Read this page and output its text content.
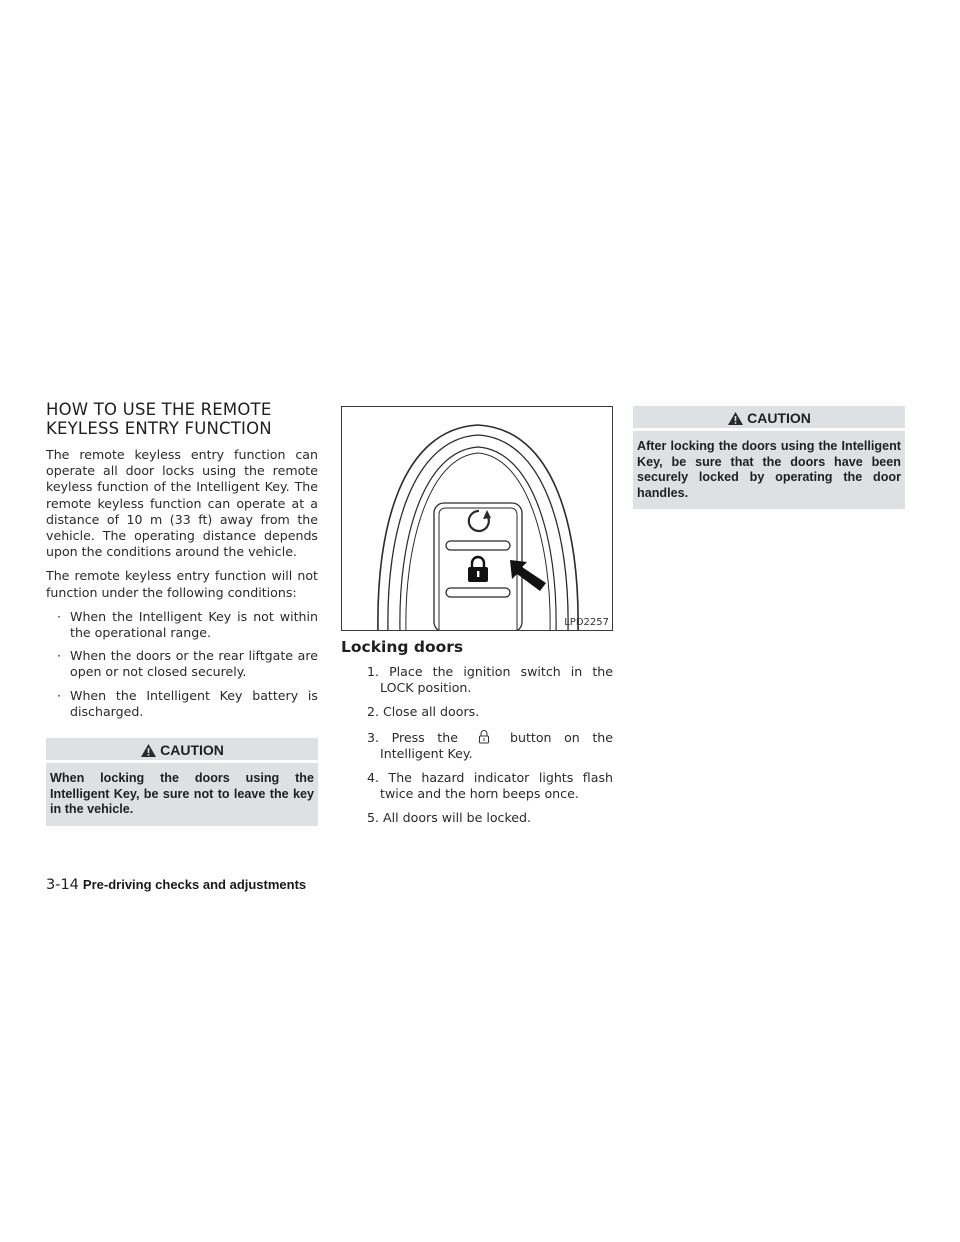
HOW TO USE THE REMOTE
KEYLESS ENTRY FUNCTION

The remote keyless entry function can operate all door locks using the remote keyless function of the Intelligent Key. The remote keyless function can operate at a distance of 10 m (33 ft) away from the vehicle. The operating distance depends upon the conditions around the vehicle.

The remote keyless entry function will not function under the following conditions:

· When the Intelligent Key is not within the operational range.
· When the doors or the rear liftgate are open or not closed securely.
· When the Intelligent Key battery is discharged.
CAUTION
When locking the doors using the Intelligent Key, be sure not to leave the key in the vehicle.
LPD2257
Locking doors
1. Place the ignition switch in the LOCK position.
2. Close all doors.
3. Press the	button on the Intelligent Key.
4. The hazard indicator lights flash twice and the horn beeps once.
5. All doors will be locked.
CAUTION
After locking the doors using the Intelligent Key, be sure that the doors have been securely locked by operating the door handles.
3-14 Pre-driving checks and adjustments
